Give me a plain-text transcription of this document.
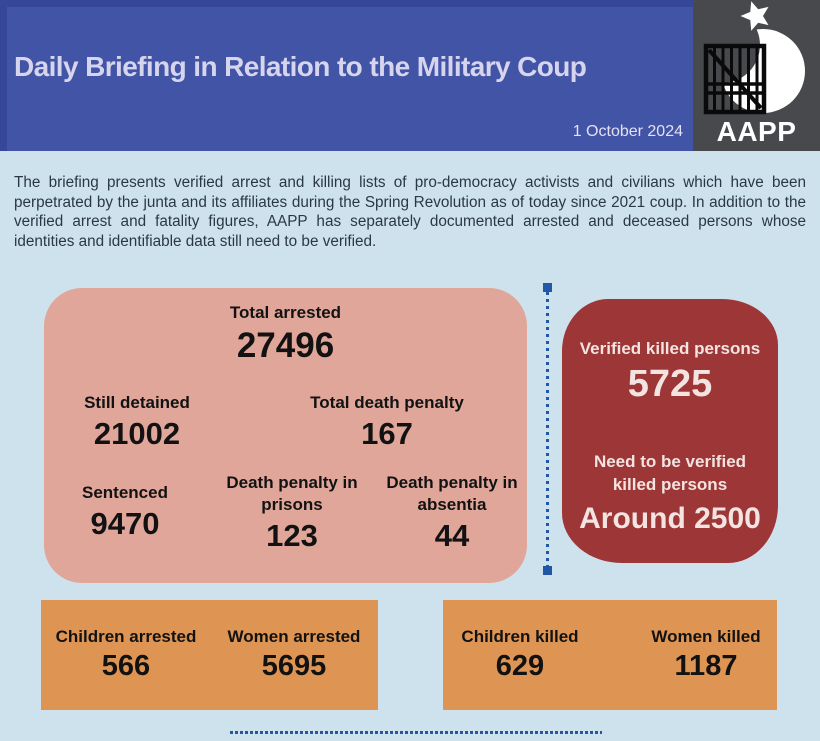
Daily Briefing in Relation to the Military Coup
1 October 2024	AAPP

The briefing presents verified arrest and killing lists of pro-democracy activists and civilians which have been perpetrated by the junta and its affiliates during the Spring Revolution as of today since 2021 coup. In addition to the verified arrest and fatality figures, AAPP has separately documented arrested and deceased persons whose identities and identifiable data still need to be verified.

Total arrested
27496
Still detained
21002
Total death penalty
167
Sentenced
9470
Death penalty in prisons
123
Death penalty in absentia
44
Verified killed persons
5725
Need to be verified killed persons
Around 2500
Children arrested
566
Women arrested
5695
Children killed
629
Women killed
1187
